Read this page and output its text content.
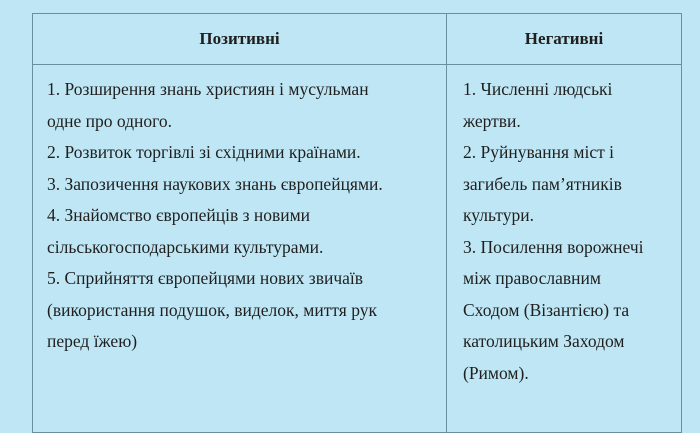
Позитивні	Негативні
1. Розширення знань християн і мусульман
одне про одного.
2. Розвиток торгівлі зі східними країнами.
3. Запозичення наукових знань європейцями.
4. Знайомство європейців з новими
сільськогосподарськими культурами.
5. Сприйняття європейцями нових звичаїв
(використання подушок, виделок, миття рук
перед їжею)
1. Численні людські
жертви.
2. Руйнування міст і
загибель пам’ятників
культури.
3. Посилення ворожнечі
між православним
Сходом (Візантією) та
католицьким Заходом
(Римом).
